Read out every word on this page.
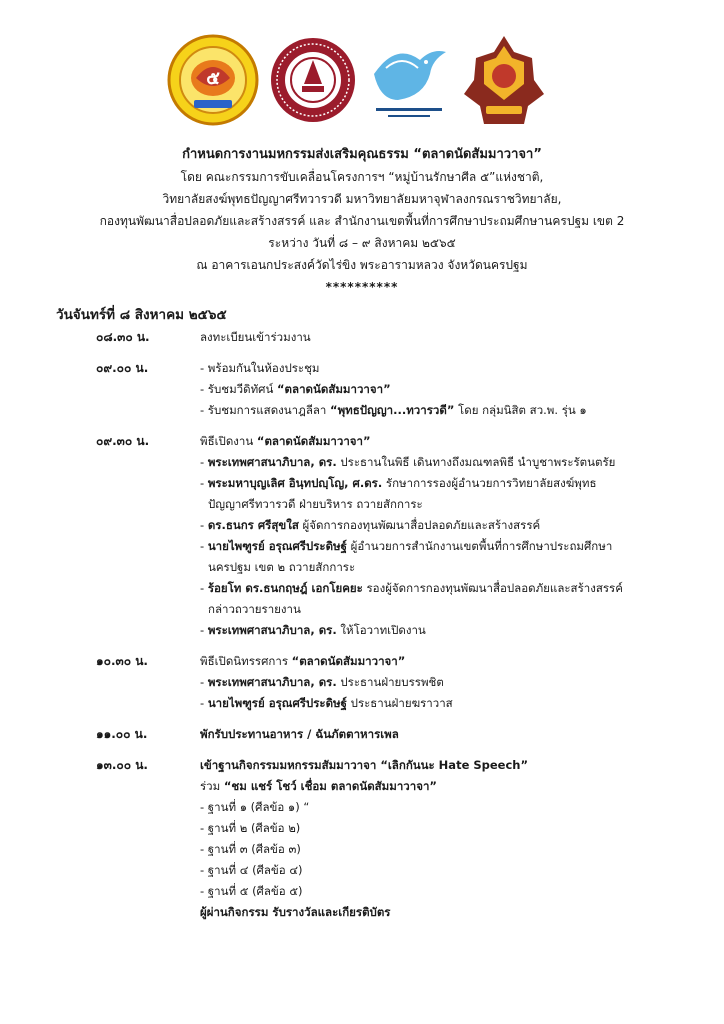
๕
กำหนดการงานมหกรรมส่งเสริมคุณธรรม “ตลาดนัดสัมมาวาจา”
โดย คณะกรรมการขับเคลื่อนโครงการฯ “หมู่บ้านรักษาศีล ๕”แห่งชาติ,
วิทยาลัยสงฆ์พุทธปัญญาศรีทวารวดี มหาวิทยาลัยมหาจุฬาลงกรณราชวิทยาลัย,
กองทุนพัฒนาสื่อปลอดภัยและสร้างสรรค์ และ สำนักงานเขตพื้นที่การศึกษาประถมศึกษานครปฐม เขต 2
ระหว่าง วันที่ ๘ – ๙ สิงหาคม ๒๕๖๕
ณ อาคารเอนกประสงค์วัดไร่ขิง พระอารามหลวง จังหวัดนครปฐม
**********
วันจันทร์ที่ ๘ สิงหาคม ๒๕๖๕
๐๘.๓๐ น.	ลงทะเบียนเข้าร่วมงาน
๐๙.๐๐ น.	- พร้อมกันในห้องประชุม
- รับชมวีดิทัศน์ “ตลาดนัดสัมมาวาจา”
- รับชมการแสดงนาฎลีลา “พุทธปัญญา...ทวารวดี” โดย กลุ่มนิสิต สว.พ. รุ่น ๑
๐๙.๓๐ น.	พิธีเปิดงาน “ตลาดนัดสัมมาวาจา”
- พระเทพศาสนาภิบาล, ดร. ประธานในพิธี เดินทางถึงมณฑลพิธี นำบูชาพระรัตนตรัย
- พระมหาบุญเลิศ อินฺทปญฺโญ, ศ.ดร. รักษาการรองผู้อำนวยการวิทยาลัยสงฆ์พุทธ
ปัญญาศรีทวารวดี ฝ่ายบริหาร ถวายสักการะ
- ดร.ธนกร ศรีสุขใส ผู้จัดการกองทุนพัฒนาสื่อปลอดภัยและสร้างสรรค์
- นายไพฑูรย์ อรุณศรีประดิษฐ์ ผู้อำนวยการสำนักงานเขตพื้นที่การศึกษาประถมศึกษา
นครปฐม เขต ๒ ถวายสักการะ
- ร้อยโท ดร.ธนกฤษฎ์ เอกโยคยะ รองผู้จัดการกองทุนพัฒนาสื่อปลอดภัยและสร้างสรรค์
กล่าวถวายรายงาน
- พระเทพศาสนาภิบาล, ดร. ให้โอวาทเปิดงาน
๑๐.๓๐ น.	พิธีเปิดนิทรรศการ “ตลาดนัดสัมมาวาจา”
- พระเทพศาสนาภิบาล, ดร. ประธานฝ่ายบรรพชิต
- นายไพฑูรย์ อรุณศรีประดิษฐ์ ประธานฝ่ายฆราวาส
๑๑.๐๐ น.	พักรับประทานอาหาร / ฉันภัตตาหารเพล
๑๓.๐๐ น.	เข้าฐานกิจกรรมมหกรรมสัมมาวาจา “เลิกกันนะ Hate Speech”
ร่วม “ชม แชร์ โชว์ เชื่อม ตลาดนัดสัมมาวาจา”
- ฐานที่ ๑ (ศีลข้อ ๑) “
- ฐานที่ ๒ (ศีลข้อ ๒)
- ฐานที่ ๓ (ศีลข้อ ๓)
- ฐานที่ ๔ (ศีลข้อ ๔)
- ฐานที่ ๕ (ศีลข้อ ๕)
ผู้ผ่านกิจกรรม รับรางวัลและเกียรติบัตร
